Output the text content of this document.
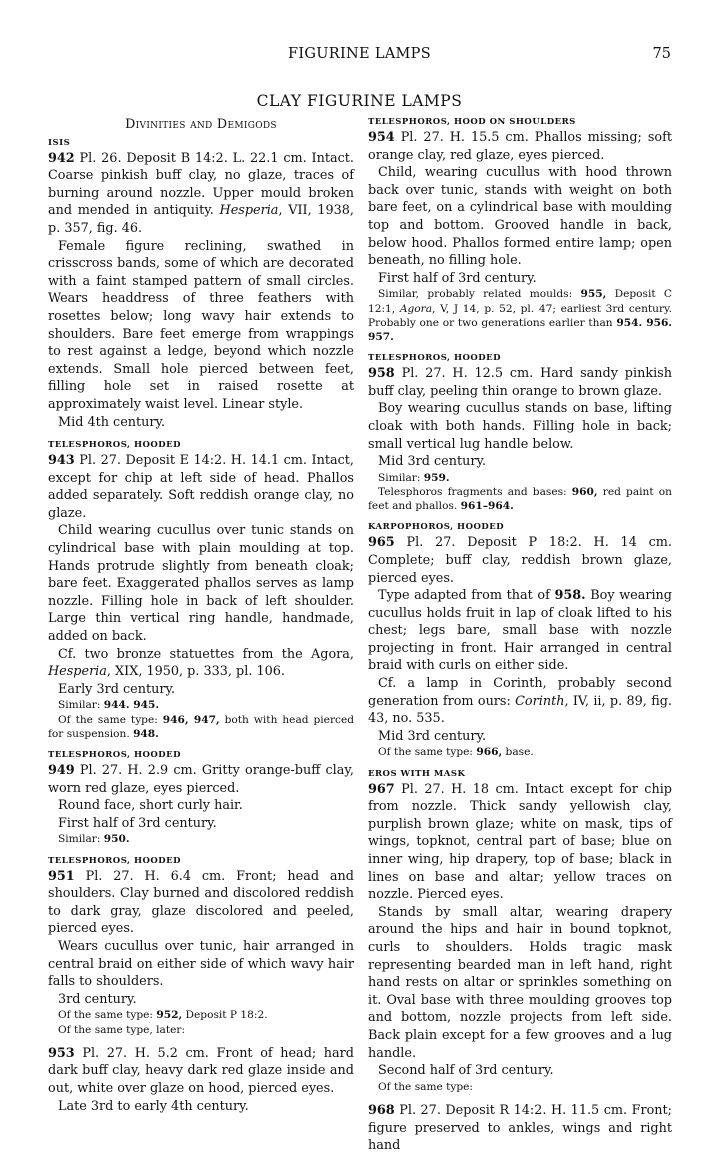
FIGURINE LAMPS	75
CLAY FIGURINE LAMPS

Divinities and Demigods

ISIS

942 Pl. 26. Deposit B 14:2. L. 22.1 cm. Intact. Coarse pinkish buff clay, no glaze, traces of burning around nozzle. Upper mould broken and mended in antiquity. Hesperia, VII, 1938, p. 357, fig. 46.

Female figure reclining, swathed in crisscross bands, some of which are decorated with a faint stamped pattern of small circles. Wears headdress of three feathers with rosettes below; long wavy hair extends to shoulders. Bare feet emerge from wrappings to rest against a ledge, beyond which nozzle extends. Small hole pierced between feet, filling hole set in raised rosette at approximately waist level. Linear style.

Mid 4th century.

TELESPHOROS, HOODED

943 Pl. 27. Deposit E 14:2. H. 14.1 cm. Intact, except for chip at left side of head. Phallos added separately. Soft reddish orange clay, no glaze.

Child wearing cucullus over tunic stands on cylindrical base with plain moulding at top. Hands protrude slightly from beneath cloak; bare feet. Exaggerated phallos serves as lamp nozzle. Filling hole in back of left shoulder. Large thin vertical ring handle, handmade, added on back.

Cf. two bronze statuettes from the Agora, Hesperia, XIX, 1950, p. 333, pl. 106.

Early 3rd century.

Similar: 944. 945.

Of the same type: 946, 947, both with head pierced for suspension. 948.

TELESPHOROS, HOODED

949 Pl. 27. H. 2.9 cm. Gritty orange-buff clay, worn red glaze, eyes pierced.

Round face, short curly hair.

First half of 3rd century.

Similar: 950.

TELESPHOROS, HOODED

951 Pl. 27. H. 6.4 cm. Front; head and shoulders. Clay burned and discolored reddish to dark gray, glaze discolored and peeled, pierced eyes.

Wears cucullus over tunic, hair arranged in central braid on either side of which wavy hair falls to shoulders.

3rd century.

Of the same type: 952, Deposit P 18:2.

Of the same type, later:

953 Pl. 27. H. 5.2 cm. Front of head; hard dark buff clay, heavy dark red glaze inside and out, white over glaze on hood, pierced eyes.

Late 3rd to early 4th century.

TELESPHOROS, HOOD ON SHOULDERS

954 Pl. 27. H. 15.5 cm. Phallos missing; soft orange clay, red glaze, eyes pierced.

Child, wearing cucullus with hood thrown back over tunic, stands with weight on both bare feet, on a cylindrical base with moulding top and bottom. Grooved handle in back, below hood. Phallos formed entire lamp; open beneath, no filling hole.

First half of 3rd century.

Similar, probably related moulds: 955, Deposit C 12:1, Agora, V, J 14, p. 52, pl. 47; earliest 3rd century. Probably one or two generations earlier than 954. 956. 957.

TELESPHOROS, HOODED

958 Pl. 27. H. 12.5 cm. Hard sandy pinkish buff clay, peeling thin orange to brown glaze.

Boy wearing cucullus stands on base, lifting cloak with both hands. Filling hole in back; small vertical lug handle below.

Mid 3rd century.

Similar: 959.

Telesphoros fragments and bases: 960, red paint on feet and phallos. 961–964.

KARPOPHOROS, HOODED

965 Pl. 27. Deposit P 18:2. H. 14 cm. Complete; buff clay, reddish brown glaze, pierced eyes.

Type adapted from that of 958. Boy wearing cucullus holds fruit in lap of cloak lifted to his chest; legs bare, small base with nozzle projecting in front. Hair arranged in central braid with curls on either side.

Cf. a lamp in Corinth, probably second generation from ours: Corinth, IV, ii, p. 89, fig. 43, no. 535.

Mid 3rd century.

Of the same type: 966, base.

EROS WITH MASK

967 Pl. 27. H. 18 cm. Intact except for chip from nozzle. Thick sandy yellowish clay, purplish brown glaze; white on mask, tips of wings, topknot, central part of base; blue on inner wing, hip drapery, top of base; black in lines on base and altar; yellow traces on nozzle. Pierced eyes.

Stands by small altar, wearing drapery around the hips and hair in bound topknot, curls to shoulders. Holds tragic mask representing bearded man in left hand, right hand rests on altar or sprinkles something on it. Oval base with three moulding grooves top and bottom, nozzle projects from left side. Back plain except for a few grooves and a lug handle.

Second half of 3rd century.

Of the same type:

968 Pl. 27. Deposit R 14:2. H. 11.5 cm. Front; figure preserved to ankles, wings and right hand
